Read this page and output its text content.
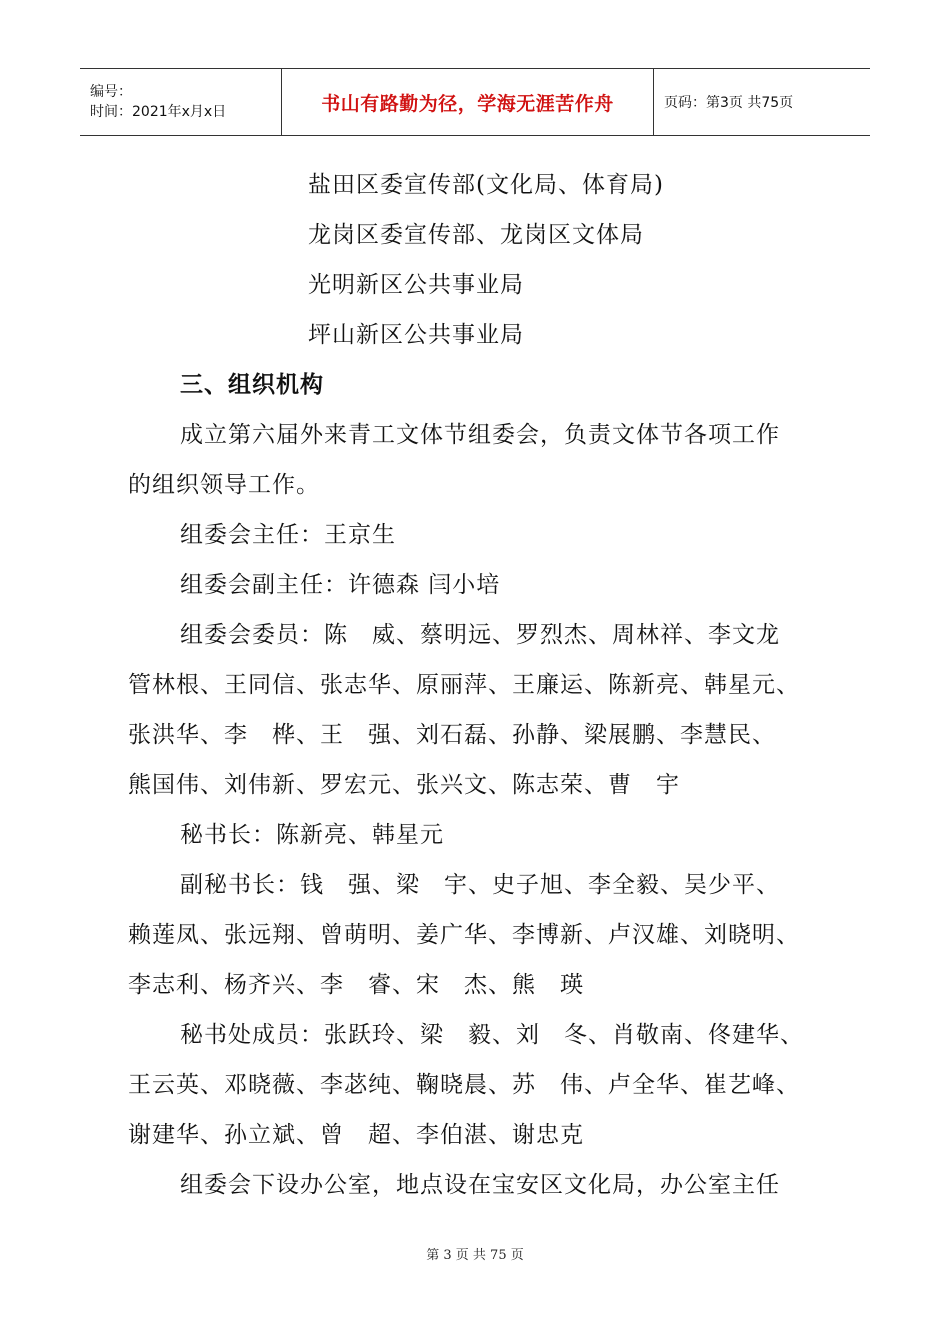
编号：
时间：2021年x月x日	书山有路勤为径，学海无涯苦作舟	页码：第3页 共75页
盐田区委宣传部(文化局、体育局)
龙岗区委宣传部、龙岗区文体局
光明新区公共事业局
坪山新区公共事业局
三、组织机构
成立第六届外来青工文体节组委会，负责文体节各项工作
的组织领导工作。
组委会主任：王京生
组委会副主任：许德森 闫小培
组委会委员：陈　威、蔡明远、罗烈杰、周林祥、李文龙
管林根、王同信、张志华、原丽萍、王廉运、陈新亮、韩星元、
张洪华、李　桦、王　强、刘石磊、孙静、梁展鹏、李慧民、
熊国伟、刘伟新、罗宏元、张兴文、陈志荣、曹　宇
秘书长：陈新亮、韩星元
副秘书长：钱　强、梁　宇、史子旭、李全毅、吴少平、
赖莲凤、张远翔、曾萌明、姜广华、李博新、卢汉雄、刘晓明、
李志利、杨齐兴、李　睿、宋　杰、熊　瑛
秘书处成员：张跃玲、梁　毅、刘　冬、肖敬南、佟建华、
王云英、邓晓薇、李苾纯、鞠晓晨、苏　伟、卢全华、崔艺峰、
谢建华、孙立斌、曾　超、李伯湛、谢忠克
组委会下设办公室，地点设在宝安区文化局，办公室主任
第 3 页 共 75 页
